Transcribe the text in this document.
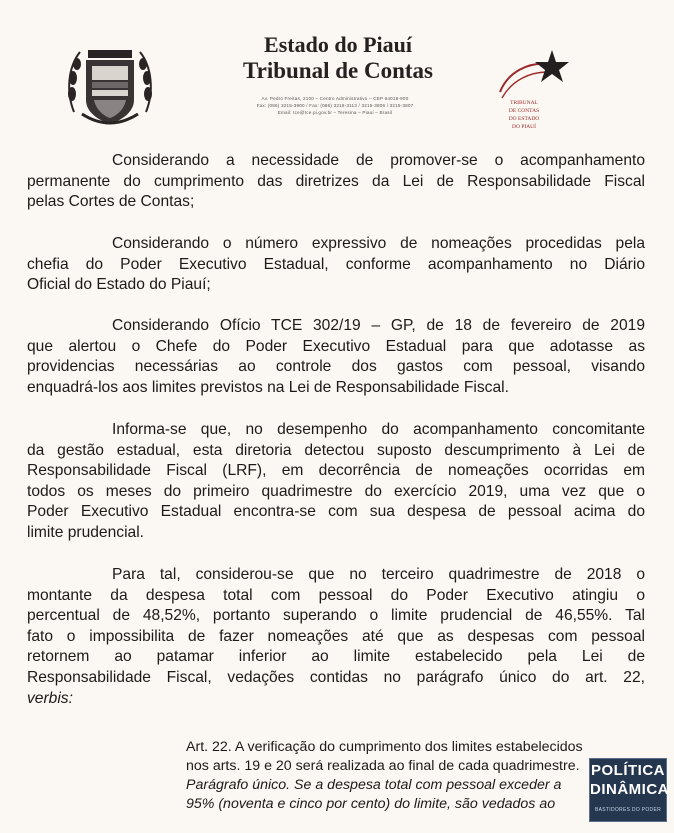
Estado do Piauí
Tribunal de Contas
Av. Pedro Freitas, 2100 – Centro Administrativo – CEP 64018-900
Fax: (086) 3215-3900 / Fax: (086) 3218-3113 / 3215-3806 / 3215-3807
Email: tce@tce.pi.gov.br – Teresina – Piauí – Brasil
TRIBUNAL
DE CONTAS
DO ESTADO
DO PIAUÍ
Considerando a necessidade de promover-se o acompanhamento
permanente do cumprimento das diretrizes da Lei de Responsabilidade Fiscal
pelas Cortes de Contas;
Considerando o número expressivo de nomeações procedidas pela
chefia do Poder Executivo Estadual, conforme acompanhamento no Diário
Oficial do Estado do Piauí;
Considerando Ofício TCE 302/19 – GP, de 18 de fevereiro de 2019
que alertou o Chefe do Poder Executivo Estadual para que adotasse as
providencias necessárias ao controle dos gastos com pessoal, visando
enquadrá-los aos limites previstos na Lei de Responsabilidade Fiscal.
Informa-se que, no desempenho do acompanhamento concomitante
da gestão estadual, esta diretoria detectou suposto descumprimento à Lei de
Responsabilidade Fiscal (LRF), em decorrência de nomeações ocorridas em
todos os meses do primeiro quadrimestre do exercício 2019, uma vez que o
Poder Executivo Estadual encontra-se com sua despesa de pessoal acima do
limite prudencial.
Para tal, considerou-se que no terceiro quadrimestre de 2018 o
montante da despesa total com pessoal do Poder Executivo atingiu o
percentual de 48,52%, portanto superando o limite prudencial de 46,55%. Tal
fato o impossibilita de fazer nomeações até que as despesas com pessoal
retornem ao patamar inferior ao limite estabelecido pela Lei de
Responsabilidade Fiscal, vedações contidas no parágrafo único do art. 22,
verbis:
Art. 22. A verificação do cumprimento dos limites estabelecidos
nos arts. 19 e 20 será realizada ao final de cada quadrimestre.
Parágrafo único. Se a despesa total com pessoal exceder a
95% (noventa e cinco por cento) do limite, são vedados ao
POLÍTICA
DINÂMICA
BASTIDORES DO PODER
